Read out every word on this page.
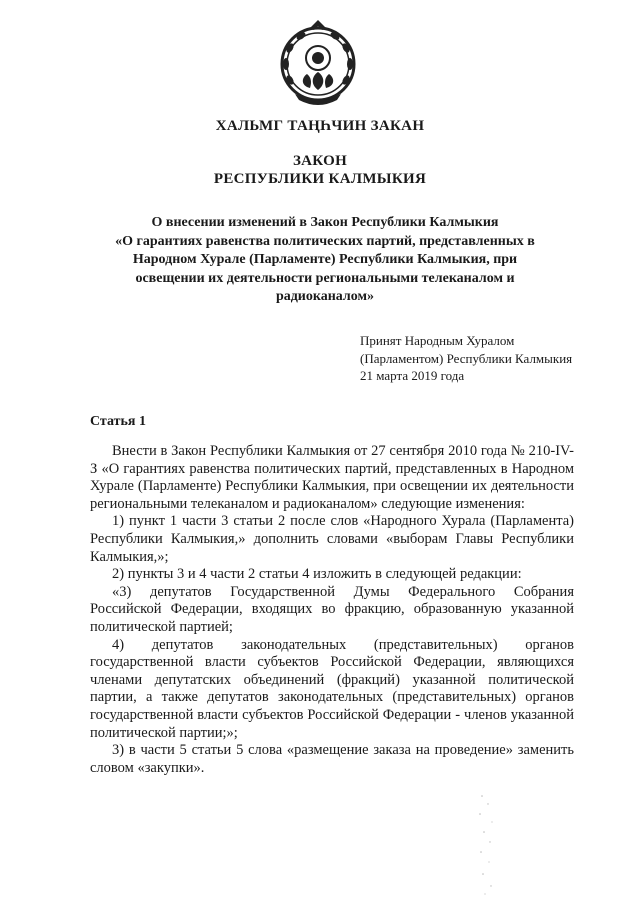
ХАЛЬМГ ТАҢҺЧИН ЗАКАН
ЗАКОН
РЕСПУБЛИКИ КАЛМЫКИЯ
О внесении изменений в Закон Республики Калмыкия
«О гарантиях равенства политических партий, представленных в
Народном Хурале (Парламенте) Республики Калмыкия, при
освещении их деятельности региональными телеканалом и
радиоканалом»
Принят Народным Хуралом
(Парламентом) Республики Калмыкия
21 марта 2019 года
Статья 1

Внести в Закон Республики Калмыкия от 27 сентября 2010 года № 210-IV-З «О гарантиях равенства политических партий, представленных в Народном Хурале (Парламенте) Республики Калмыкия, при освещении их деятельности региональными телеканалом и радиоканалом» следующие изменения:

1) пункт 1 части 3 статьи 2 после слов «Народного Хурала (Парламента) Республики Калмыкия,» дополнить словами «выборам Главы Республики Калмыкия,»;

2) пункты 3 и 4 части 2 статьи 4 изложить в следующей редакции:

«3) депутатов Государственной Думы Федерального Собрания Российской Федерации, входящих во фракцию, образованную указанной политической партией;

4) депутатов законодательных (представительных) органов государственной власти субъектов Российской Федерации, являющихся членами депутатских объединений (фракций) указанной политической партии, а также депутатов законодательных (представительных) органов государственной власти субъектов Российской Федерации - членов указанной политической партии;»;

3) в части 5 статьи 5 слова «размещение заказа на проведение» заменить словом «закупки».
